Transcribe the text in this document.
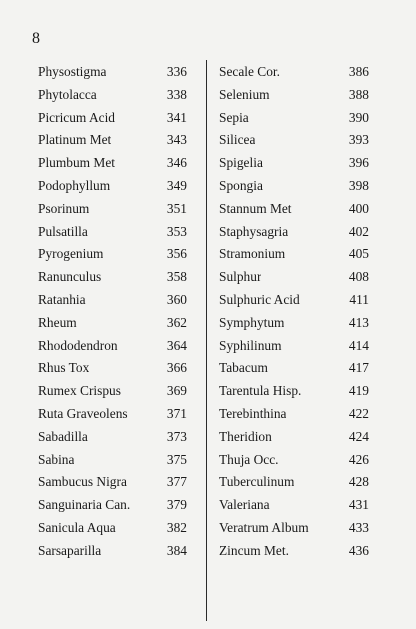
8
Physostigma	336
Phytolacca	338
Picricum Acid	341
Platinum Met	343
Plumbum Met	346
Podophyllum	349
Psorinum	351
Pulsatilla	353
Pyrogenium	356
Ranunculus	358
Ratanhia	360
Rheum	362
Rhododendron	364
Rhus Tox	366
Rumex Crispus	369
Ruta Graveolens	371
Sabadilla	373
Sabina	375
Sambucus Nigra	377
Sanguinaria Can.	379
Sanicula Aqua	382
Sarsaparilla	384
Secale Cor.	386
Selenium	388
Sepia	390
Silicea	393
Spigelia	396
Spongia	398
Stannum Met	400
Staphysagria	402
Stramonium	405
Sulphur	408
Sulphuric Acid	411
Symphytum	413
Syphilinum	414
Tabacum	417
Tarentula Hisp.	419
Terebinthina	422
Theridion	424
Thuja Occ.	426
Tuberculinum	428
Valeriana	431
Veratrum Album	433
Zincum Met.	436
